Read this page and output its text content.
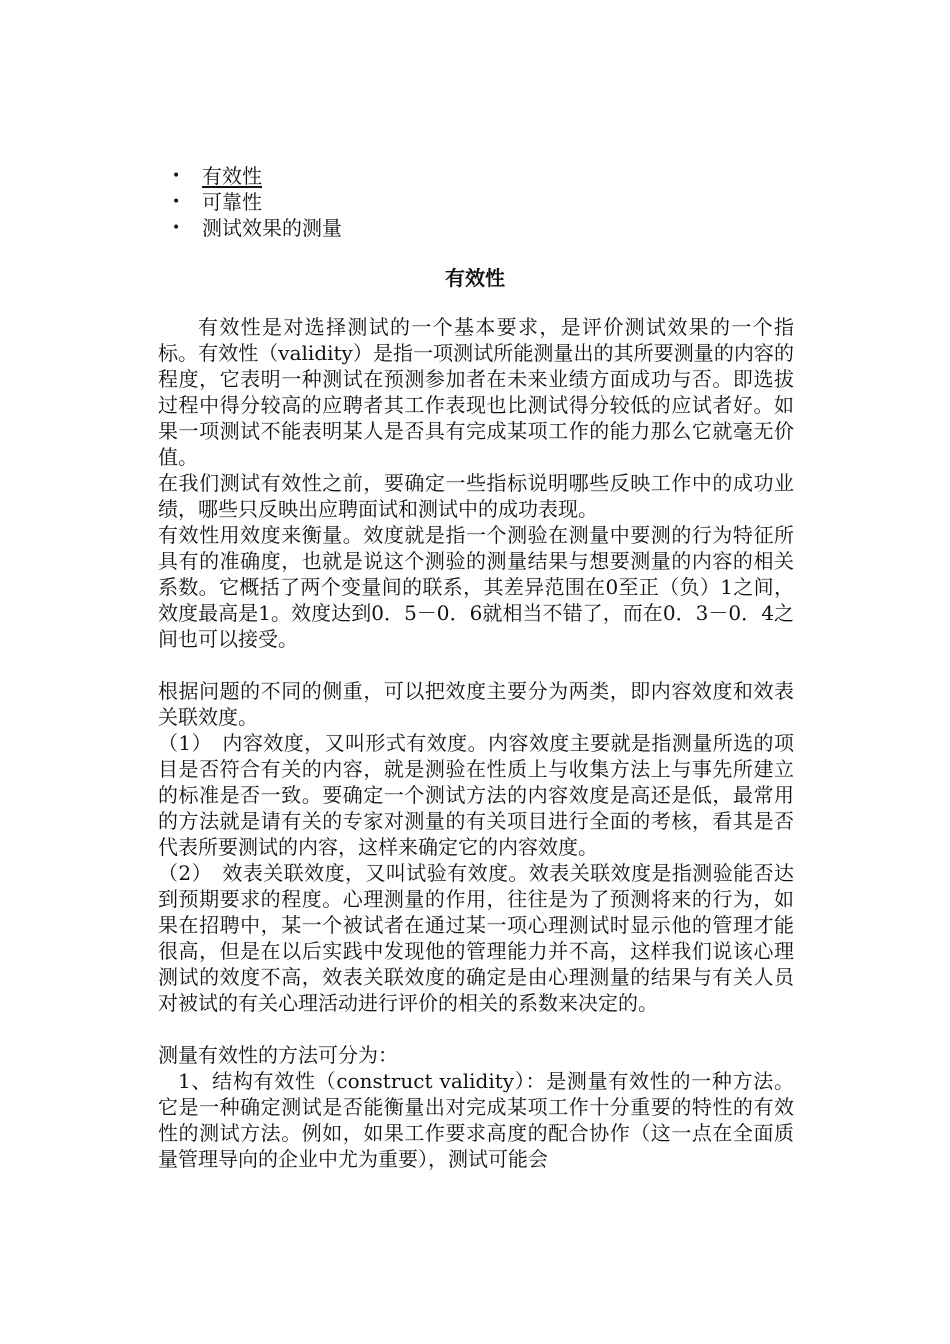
• 有效性
• 可靠性
• 测试效果的测量
有效性

有效性是对选择测试的一个基本要求，是评价测试效果的一个指标。有效性（validity）是指一项测试所能测量出的其所要测量的内容的程度，它表明一种测试在预测参加者在未来业绩方面成功与否。即选拔过程中得分较高的应聘者其工作表现也比测试得分较低的应试者好。如果一项测试不能表明某人是否具有完成某项工作的能力那么它就毫无价值。

在我们测试有效性之前，要确定一些指标说明哪些反映工作中的成功业绩，哪些只反映出应聘面试和测试中的成功表现。

有效性用效度来衡量。效度就是指一个测验在测量中要测的行为特征所具有的准确度，也就是说这个测验的测量结果与想要测量的内容的相关系数。它概括了两个变量间的联系，其差异范围在0至正（负）1之间，效度最高是1。效度达到0．5－0．6就相当不错了，而在0．3－0．4之间也可以接受。

根据问题的不同的侧重，可以把效度主要分为两类，即内容效度和效表关联效度。

（1）　内容效度，又叫形式有效度。内容效度主要就是指测量所选的项目是否符合有关的内容，就是测验在性质上与收集方法上与事先所建立的标准是否一致。要确定一个测试方法的内容效度是高还是低，最常用的方法就是请有关的专家对测量的有关项目进行全面的考核，看其是否代表所要测试的内容，这样来确定它的内容效度。

（2）　效表关联效度，又叫试验有效度。效表关联效度是指测验能否达到预期要求的程度。心理测量的作用，往往是为了预测将来的行为，如果在招聘中，某一个被试者在通过某一项心理测试时显示他的管理才能很高，但是在以后实践中发现他的管理能力并不高，这样我们说该心理测试的效度不高，效表关联效度的确定是由心理测量的结果与有关人员对被试的有关心理活动进行评价的相关的系数来决定的。

测量有效性的方法可分为：

1、结构有效性（construct validity）：是测量有效性的一种方法。它是一种确定测试是否能衡量出对完成某项工作十分重要的特性的有效性的测试方法。例如，如果工作要求高度的配合协作（这一点在全面质量管理导向的企业中尤为重要），测试可能会
